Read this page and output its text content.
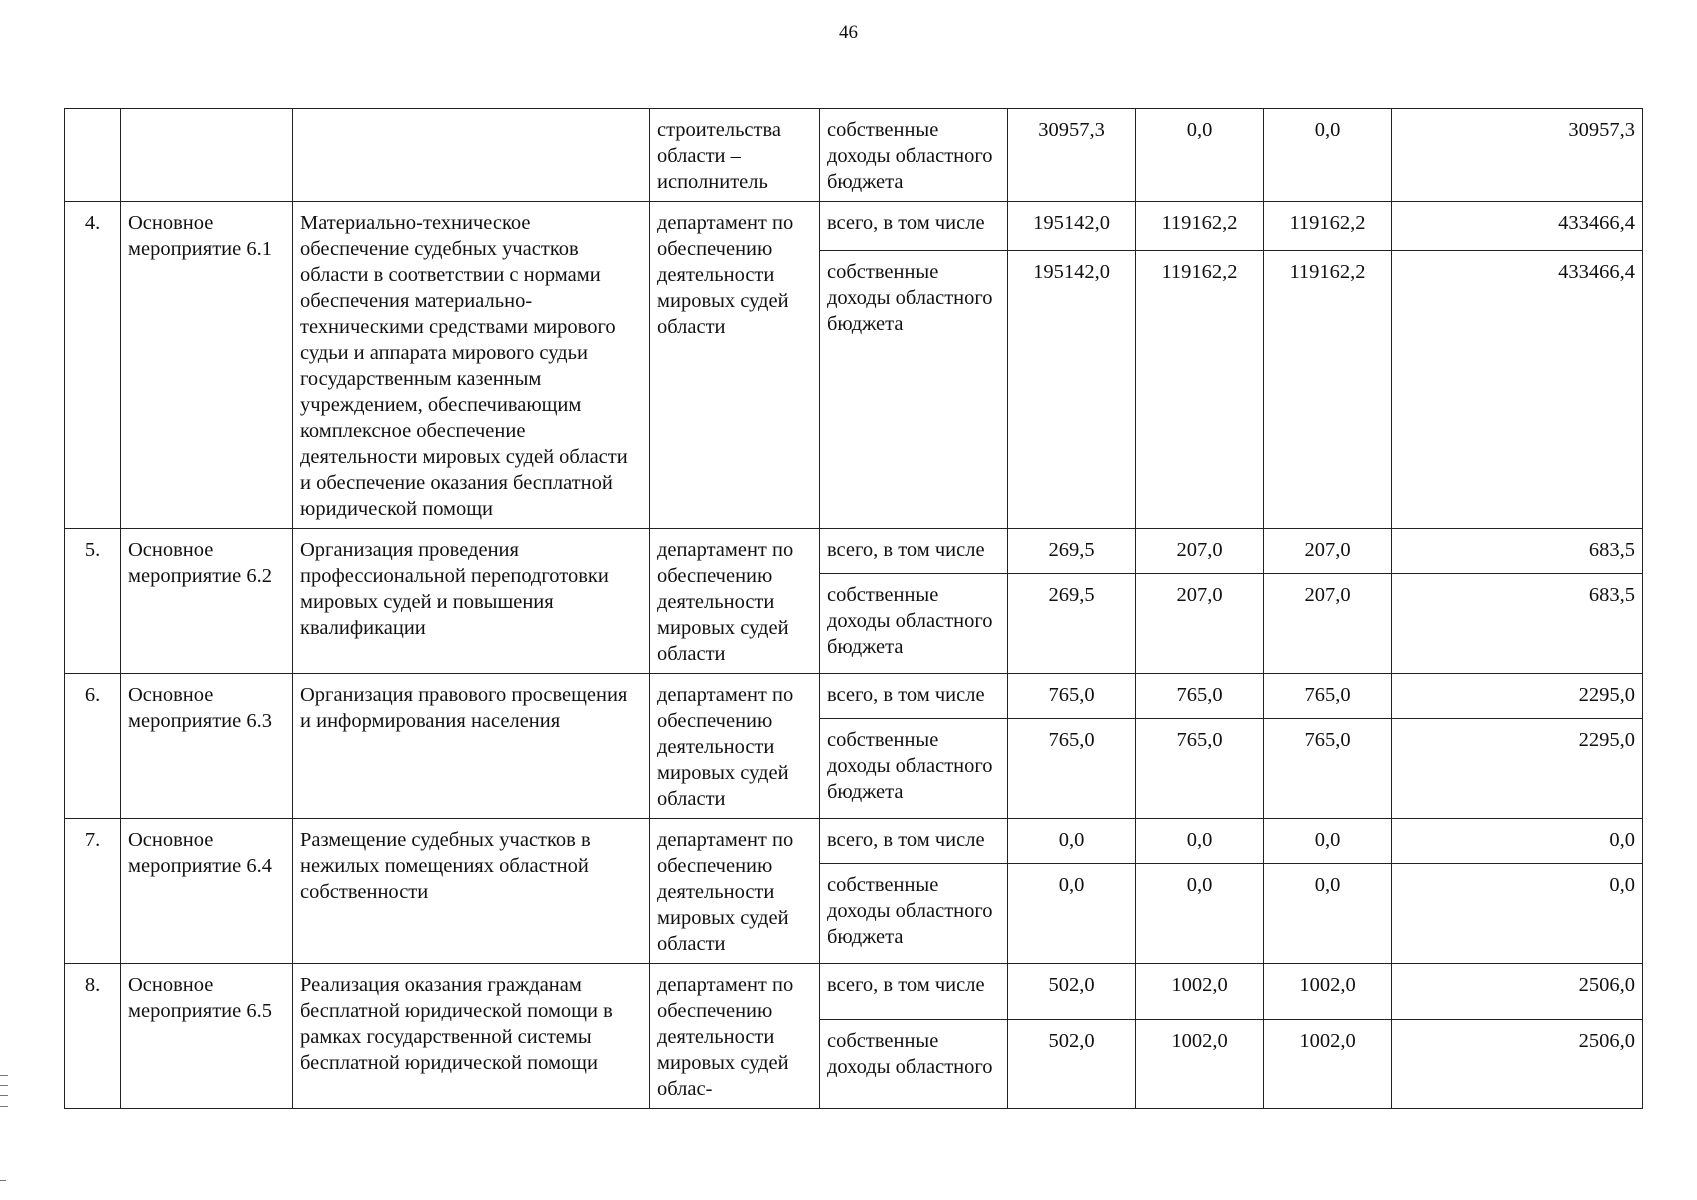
46
			строительства области – исполнитель	собственные доходы областного бюджета	30957,3	0,0	0,0	30957,3
4.	Основное мероприятие 6.1	Материально-техническое обеспечение судебных участков области в соответствии с нормами обеспечения материально-техническими средствами мирового судьи и аппарата мирового судьи государственным казенным учреждением, обеспечивающим комплексное обеспечение деятельности мировых судей области и обеспечение оказания бесплатной юридической помощи	департамент по обеспечению деятельности мировых судей области	всего, в том числе	195142,0	119162,2	119162,2	433466,4
				собственные доходы областного бюджета	195142,0	119162,2	119162,2	433466,4
5.	Основное мероприятие 6.2	Организация проведения профессиональной переподготовки мировых судей и повышения квалификации	департамент по обеспечению деятельности мировых судей области	всего, в том числе	269,5	207,0	207,0	683,5
				собственные доходы областного бюджета	269,5	207,0	207,0	683,5
6.	Основное мероприятие 6.3	Организация правового просвещения и информирования населения	департамент по обеспечению деятельности мировых судей области	всего, в том числе	765,0	765,0	765,0	2295,0
				собственные доходы областного бюджета	765,0	765,0	765,0	2295,0
7.	Основное мероприятие 6.4	Размещение судебных участков в нежилых помещениях областной собственности	департамент по обеспечению деятельности мировых судей области	всего, в том числе	0,0	0,0	0,0	0,0
				собственные доходы областного бюджета	0,0	0,0	0,0	0,0
8.	Основное мероприятие 6.5	Реализация оказания гражданам бесплатной юридической помощи в рамках государственной системы бесплатной юридической помощи	департамент по обеспечению деятельности мировых судей облас-	всего, в том числе	502,0	1002,0	1002,0	2506,0
				собственные доходы областного	502,0	1002,0	1002,0	2506,0
